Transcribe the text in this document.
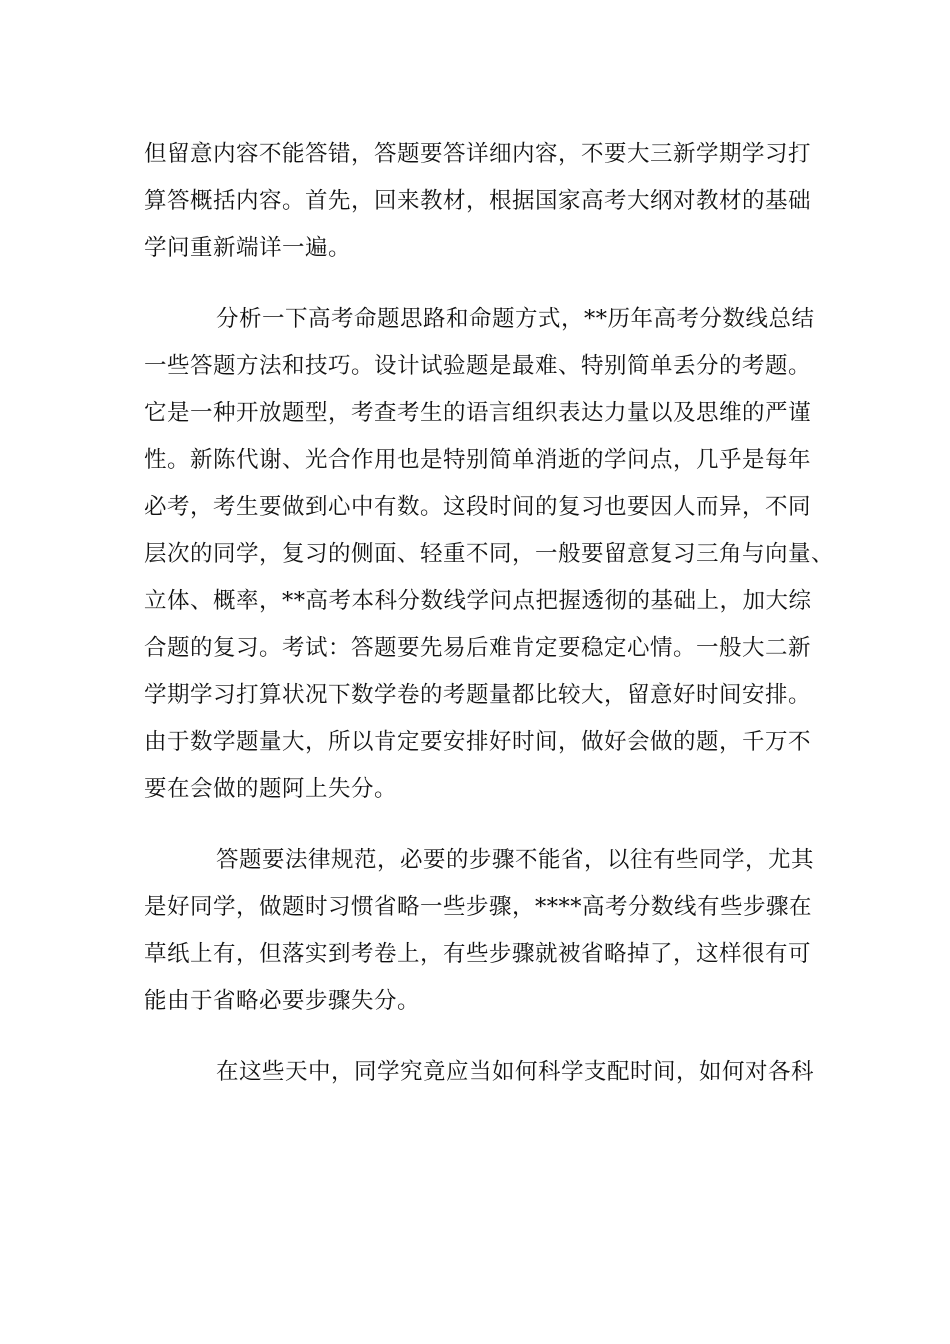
但留意内容不能答错，答题要答详细内容，不要大三新学期学习打
算答概括内容。首先，回来教材，根据国家高考大纲对教材的基础
学问重新端详一遍。
分析一下高考命题思路和命题方式，**历年高考分数线总结
一些答题方法和技巧。设计试验题是最难、特别简单丢分的考题。
它是一种开放题型，考查考生的语言组织表达力量以及思维的严谨
性。新陈代谢、光合作用也是特别简单消逝的学问点，几乎是每年
必考，考生要做到心中有数。这段时间的复习也要因人而异，不同
层次的同学，复习的侧面、轻重不同，一般要留意复习三角与向量、
立体、概率，**高考本科分数线学问点把握透彻的基础上，加大综
合题的复习。考试：答题要先易后难肯定要稳定心情。一般大二新
学期学习打算状况下数学卷的考题量都比较大，留意好时间安排。
由于数学题量大，所以肯定要安排好时间，做好会做的题，千万不
要在会做的题阿上失分。
答题要法律规范，必要的步骤不能省，以往有些同学，尤其
是好同学，做题时习惯省略一些步骤，****高考分数线有些步骤在
草纸上有，但落实到考卷上，有些步骤就被省略掉了，这样很有可
能由于省略必要步骤失分。
在这些天中，同学究竟应当如何科学支配时间，如何对各科
